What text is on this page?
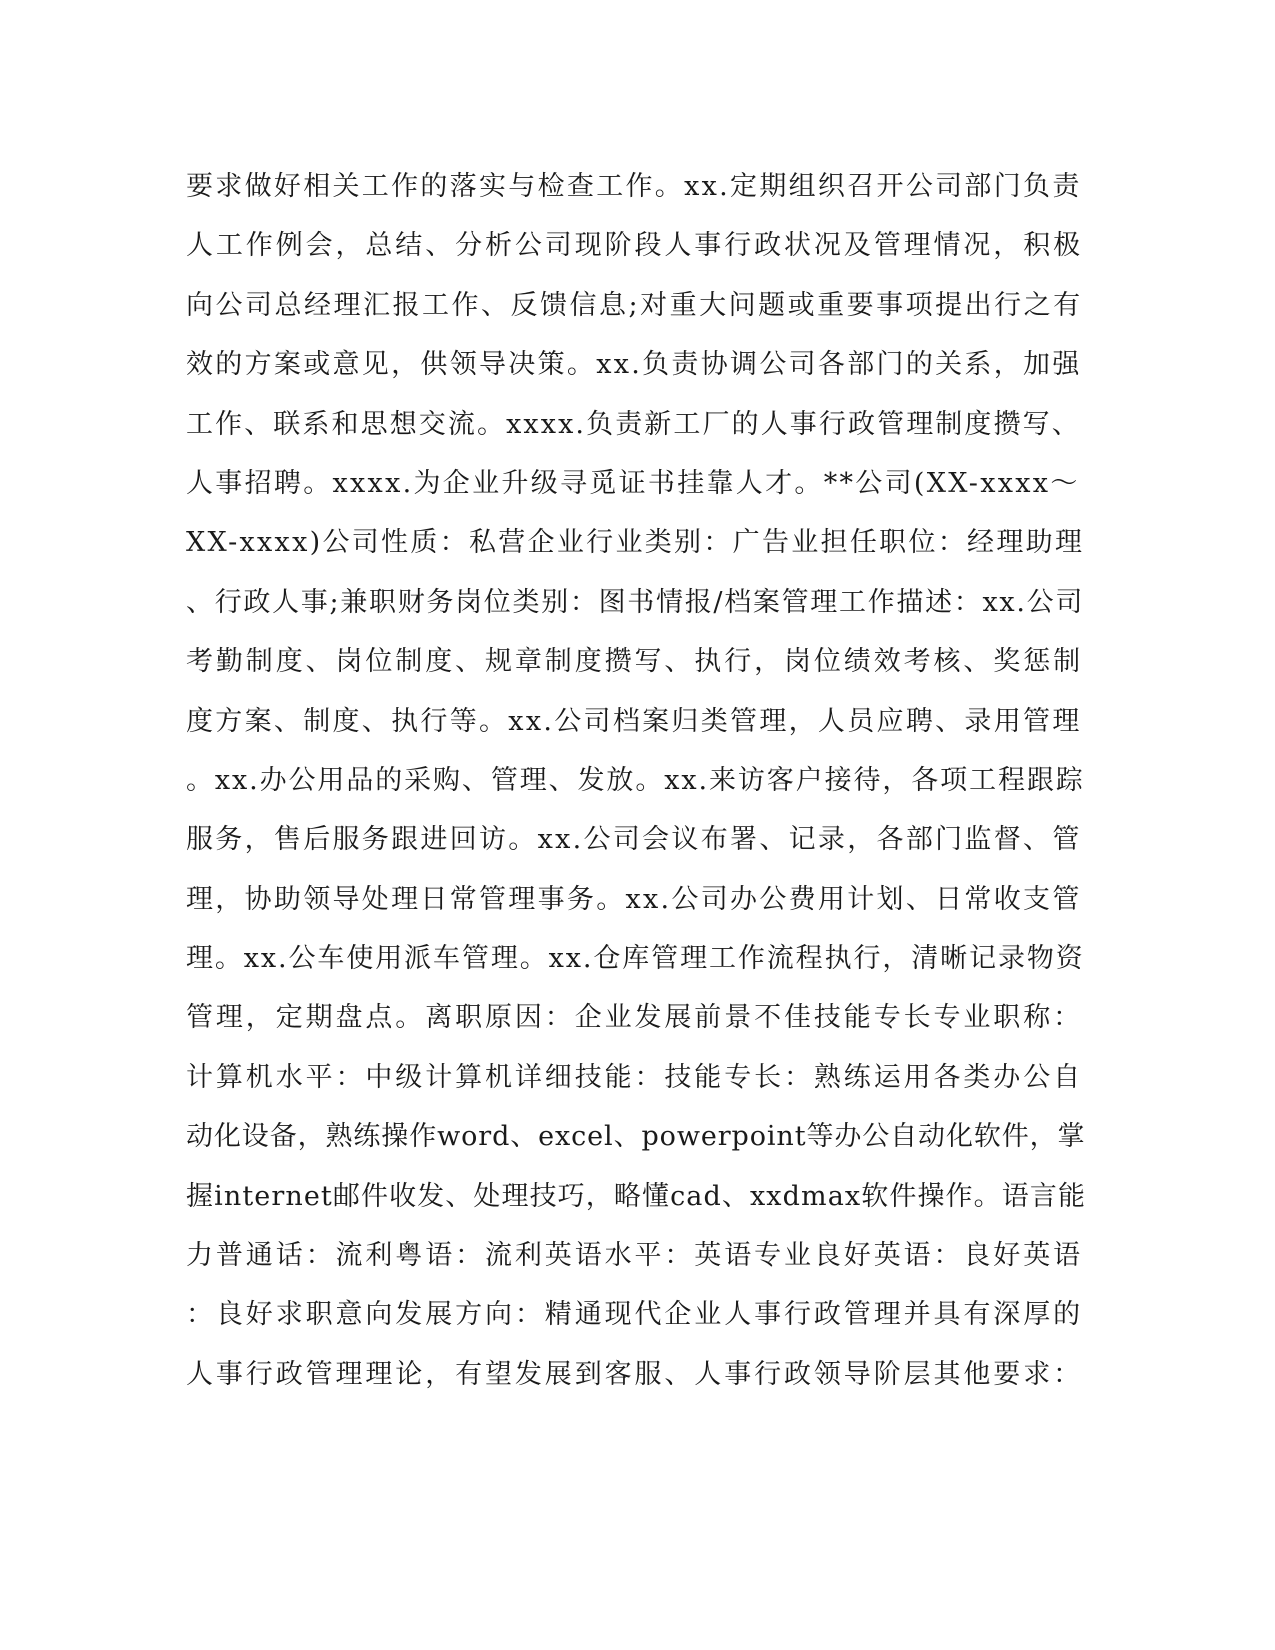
要求做好相关工作的落实与检查工作。xx.定期组织召开公司部门负责
人工作例会，总结、分析公司现阶段人事行政状况及管理情况，积极
向公司总经理汇报工作、反馈信息;对重大问题或重要事项提出行之有
效的方案或意见，供领导决策。xx.负责协调公司各部门的关系，加强
工作、联系和思想交流。xxxx.负责新工厂的人事行政管理制度攒写、
人事招聘。xxxx.为企业升级寻觅证书挂靠人才。**公司(XX-xxxx～
XX-xxxx)公司性质：私营企业行业类别：广告业担任职位：经理助理
、行政人事;兼职财务岗位类别：图书情报/档案管理工作描述：xx.公司
考勤制度、岗位制度、规章制度攒写、执行，岗位绩效考核、奖惩制
度方案、制度、执行等。xx.公司档案归类管理，人员应聘、录用管理
。xx.办公用品的采购、管理、发放。xx.来访客户接待，各项工程跟踪
服务，售后服务跟进回访。xx.公司会议布署、记录，各部门监督、管
理，协助领导处理日常管理事务。xx.公司办公费用计划、日常收支管
理。xx.公车使用派车管理。xx.仓库管理工作流程执行，清晰记录物资
管理，定期盘点。离职原因：企业发展前景不佳技能专长专业职称：
计算机水平：中级计算机详细技能：技能专长：熟练运用各类办公自
动化设备，熟练操作word、excel、powerpoint等办公自动化软件，掌
握internet邮件收发、处理技巧，略懂cad、xxdmax软件操作。语言能
力普通话：流利粤语：流利英语水平：英语专业良好英语：良好英语
：良好求职意向发展方向：精通现代企业人事行政管理并具有深厚的
人事行政管理理论，有望发展到客服、人事行政领导阶层其他要求：
